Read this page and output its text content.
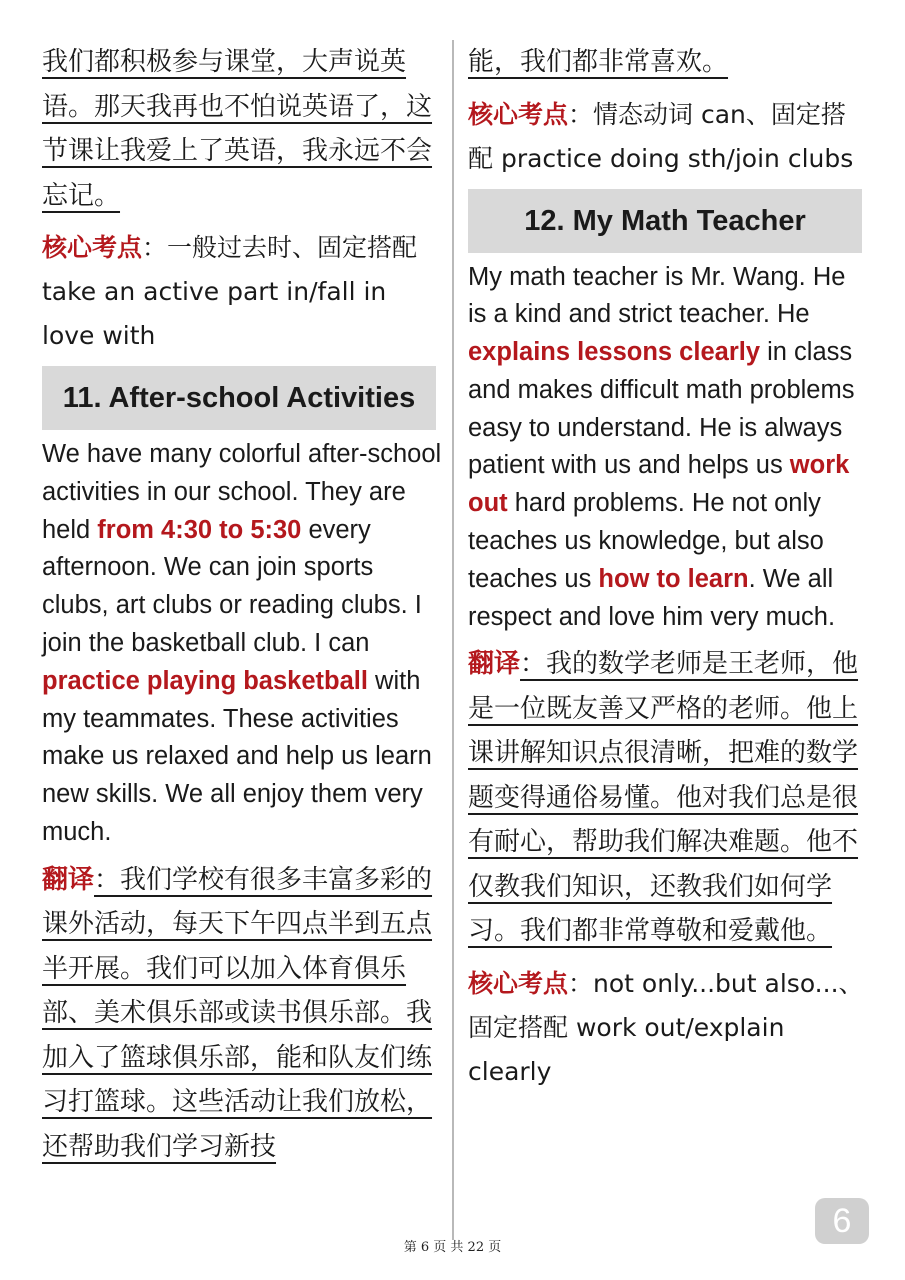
我们都积极参与课堂，大声说英语。那天我再也不怕说英语了，这节课让我爱上了英语，我永远不会忘记。

核心考点：一般过去时、固定搭配 take an active part in/fall in love with

11. After-school Activities

We have many colorful after-school activities in our school. They are held from 4:30 to 5:30 every afternoon. We can join sports clubs, art clubs or reading clubs. I join the basketball club. I can practice playing basketball with my teammates. These activities make us relaxed and help us learn new skills. We all enjoy them very much.

翻译：我们学校有很多丰富多彩的课外活动，每天下午四点半到五点半开展。我们可以加入体育俱乐部、美术俱乐部或读书俱乐部。我加入了篮球俱乐部，能和队友们练习打篮球。这些活动让我们放松，还帮助我们学习新技

能，我们都非常喜欢。

核心考点：情态动词 can、固定搭配 practice doing sth/join clubs

12. My Math Teacher

My math teacher is Mr. Wang. He is a kind and strict teacher. He explains lessons clearly in class and makes difficult math problems easy to understand. He is always patient with us and helps us work out hard problems. He not only teaches us knowledge, but also teaches us how to learn. We all respect and love him very much.

翻译：我的数学老师是王老师，他是一位既友善又严格的老师。他上课讲解知识点很清晰，把难的数学题变得通俗易懂。他对我们总是很有耐心，帮助我们解决难题。他不仅教我们知识，还教我们如何学习。我们都非常尊敬和爱戴他。

核心考点：not only...but also...、固定搭配 work out/explain clearly

6
第 6 页 共 22 页
